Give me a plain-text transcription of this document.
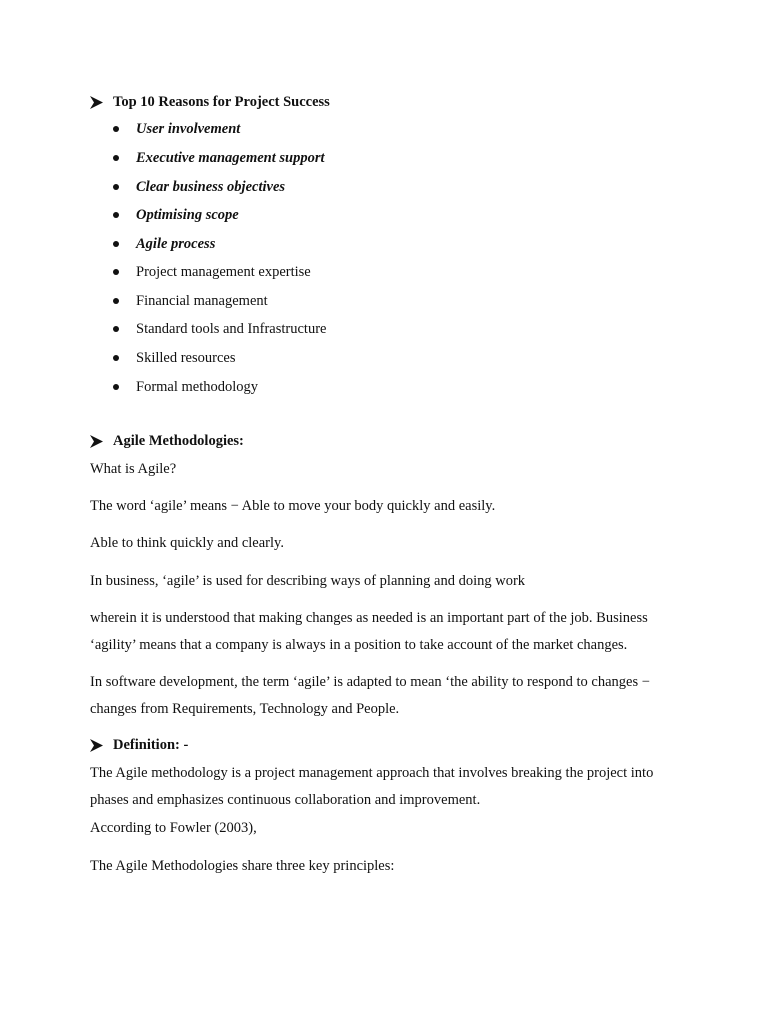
Top 10 Reasons for Project Success
User involvement
Executive management support
Clear business objectives
Optimising scope
Agile process
Project management expertise
Financial management
Standard tools and Infrastructure
Skilled resources
Formal methodology
Agile Methodologies:
What is Agile?
The word ‘agile’ means − Able to move your body quickly and easily.
Able to think quickly and clearly.
In business, ‘agile’ is used for describing ways of planning and doing work
wherein it is understood that making changes as needed is an important part of the job. Business
‘agility’ means that a company is always in a position to take account of the market changes.
In software development, the term ‘agile’ is adapted to mean ‘the ability to respond to changes −
changes from Requirements, Technology and People.
Definition: -
The Agile methodology is a project management approach that involves breaking the project into
phases and emphasizes continuous collaboration and improvement.
According to Fowler (2003),
The Agile Methodologies share three key principles:
